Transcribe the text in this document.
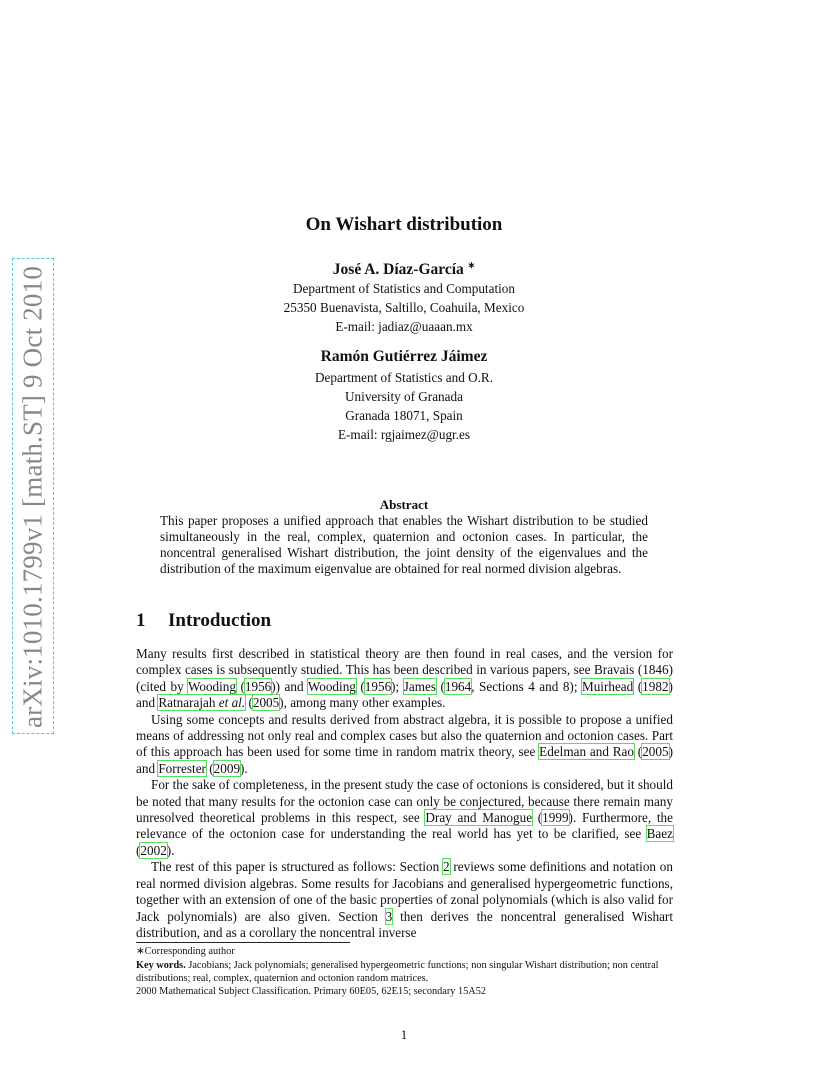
arXiv:1010.1799v1 [math.ST] 9 Oct 2010
On Wishart distribution
José A. Díaz-García ∗
Department of Statistics and Computation
25350 Buenavista, Saltillo, Coahuila, Mexico
E-mail: jadiaz@uaaan.mx
Ramón Gutiérrez Jáimez
Department of Statistics and O.R.
University of Granada
Granada 18071, Spain
E-mail: rgjaimez@ugr.es
Abstract
This paper proposes a unified approach that enables the Wishart distribution to be studied simultaneously in the real, complex, quaternion and octonion cases. In particular, the noncentral generalised Wishart distribution, the joint density of the eigenvalues and the distribution of the maximum eigenvalue are obtained for real normed division algebras.
1 Introduction

Many results first described in statistical theory are then found in real cases, and the version for complex cases is subsequently studied. This has been described in various papers, see Bravais (1846)(cited by Wooding (1956)) and Wooding (1956); James (1964, Sections 4 and 8); Muirhead (1982) and Ratnarajah et al. (2005), among many other examples.

Using some concepts and results derived from abstract algebra, it is possible to propose a unified means of addressing not only real and complex cases but also the quaternion and octonion cases. Part of this approach has been used for some time in random matrix theory, see Edelman and Rao (2005) and Forrester (2009).

For the sake of completeness, in the present study the case of octonions is considered, but it should be noted that many results for the octonion case can only be conjectured, because there remain many unresolved theoretical problems in this respect, see Dray and Manogue (1999). Furthermore, the relevance of the octonion case for understanding the real world has yet to be clarified, see Baez (2002).

The rest of this paper is structured as follows: Section 2 reviews some definitions and notation on real normed division algebras. Some results for Jacobians and generalised hypergeometric functions, together with an extension of one of the basic properties of zonal polynomials (which is also valid for Jack polynomials) are also given. Section 3 then derives the noncentral generalised Wishart distribution, and as a corollary the noncentral inverse

∗Corresponding author
Key words. Jacobians; Jack polynomials; generalised hypergeometric functions; non singular Wishart distribution; non central distributions; real, complex, quaternion and octonion random matrices.
2000 Mathematical Subject Classification. Primary 60E05, 62E15; secondary 15A52
1
